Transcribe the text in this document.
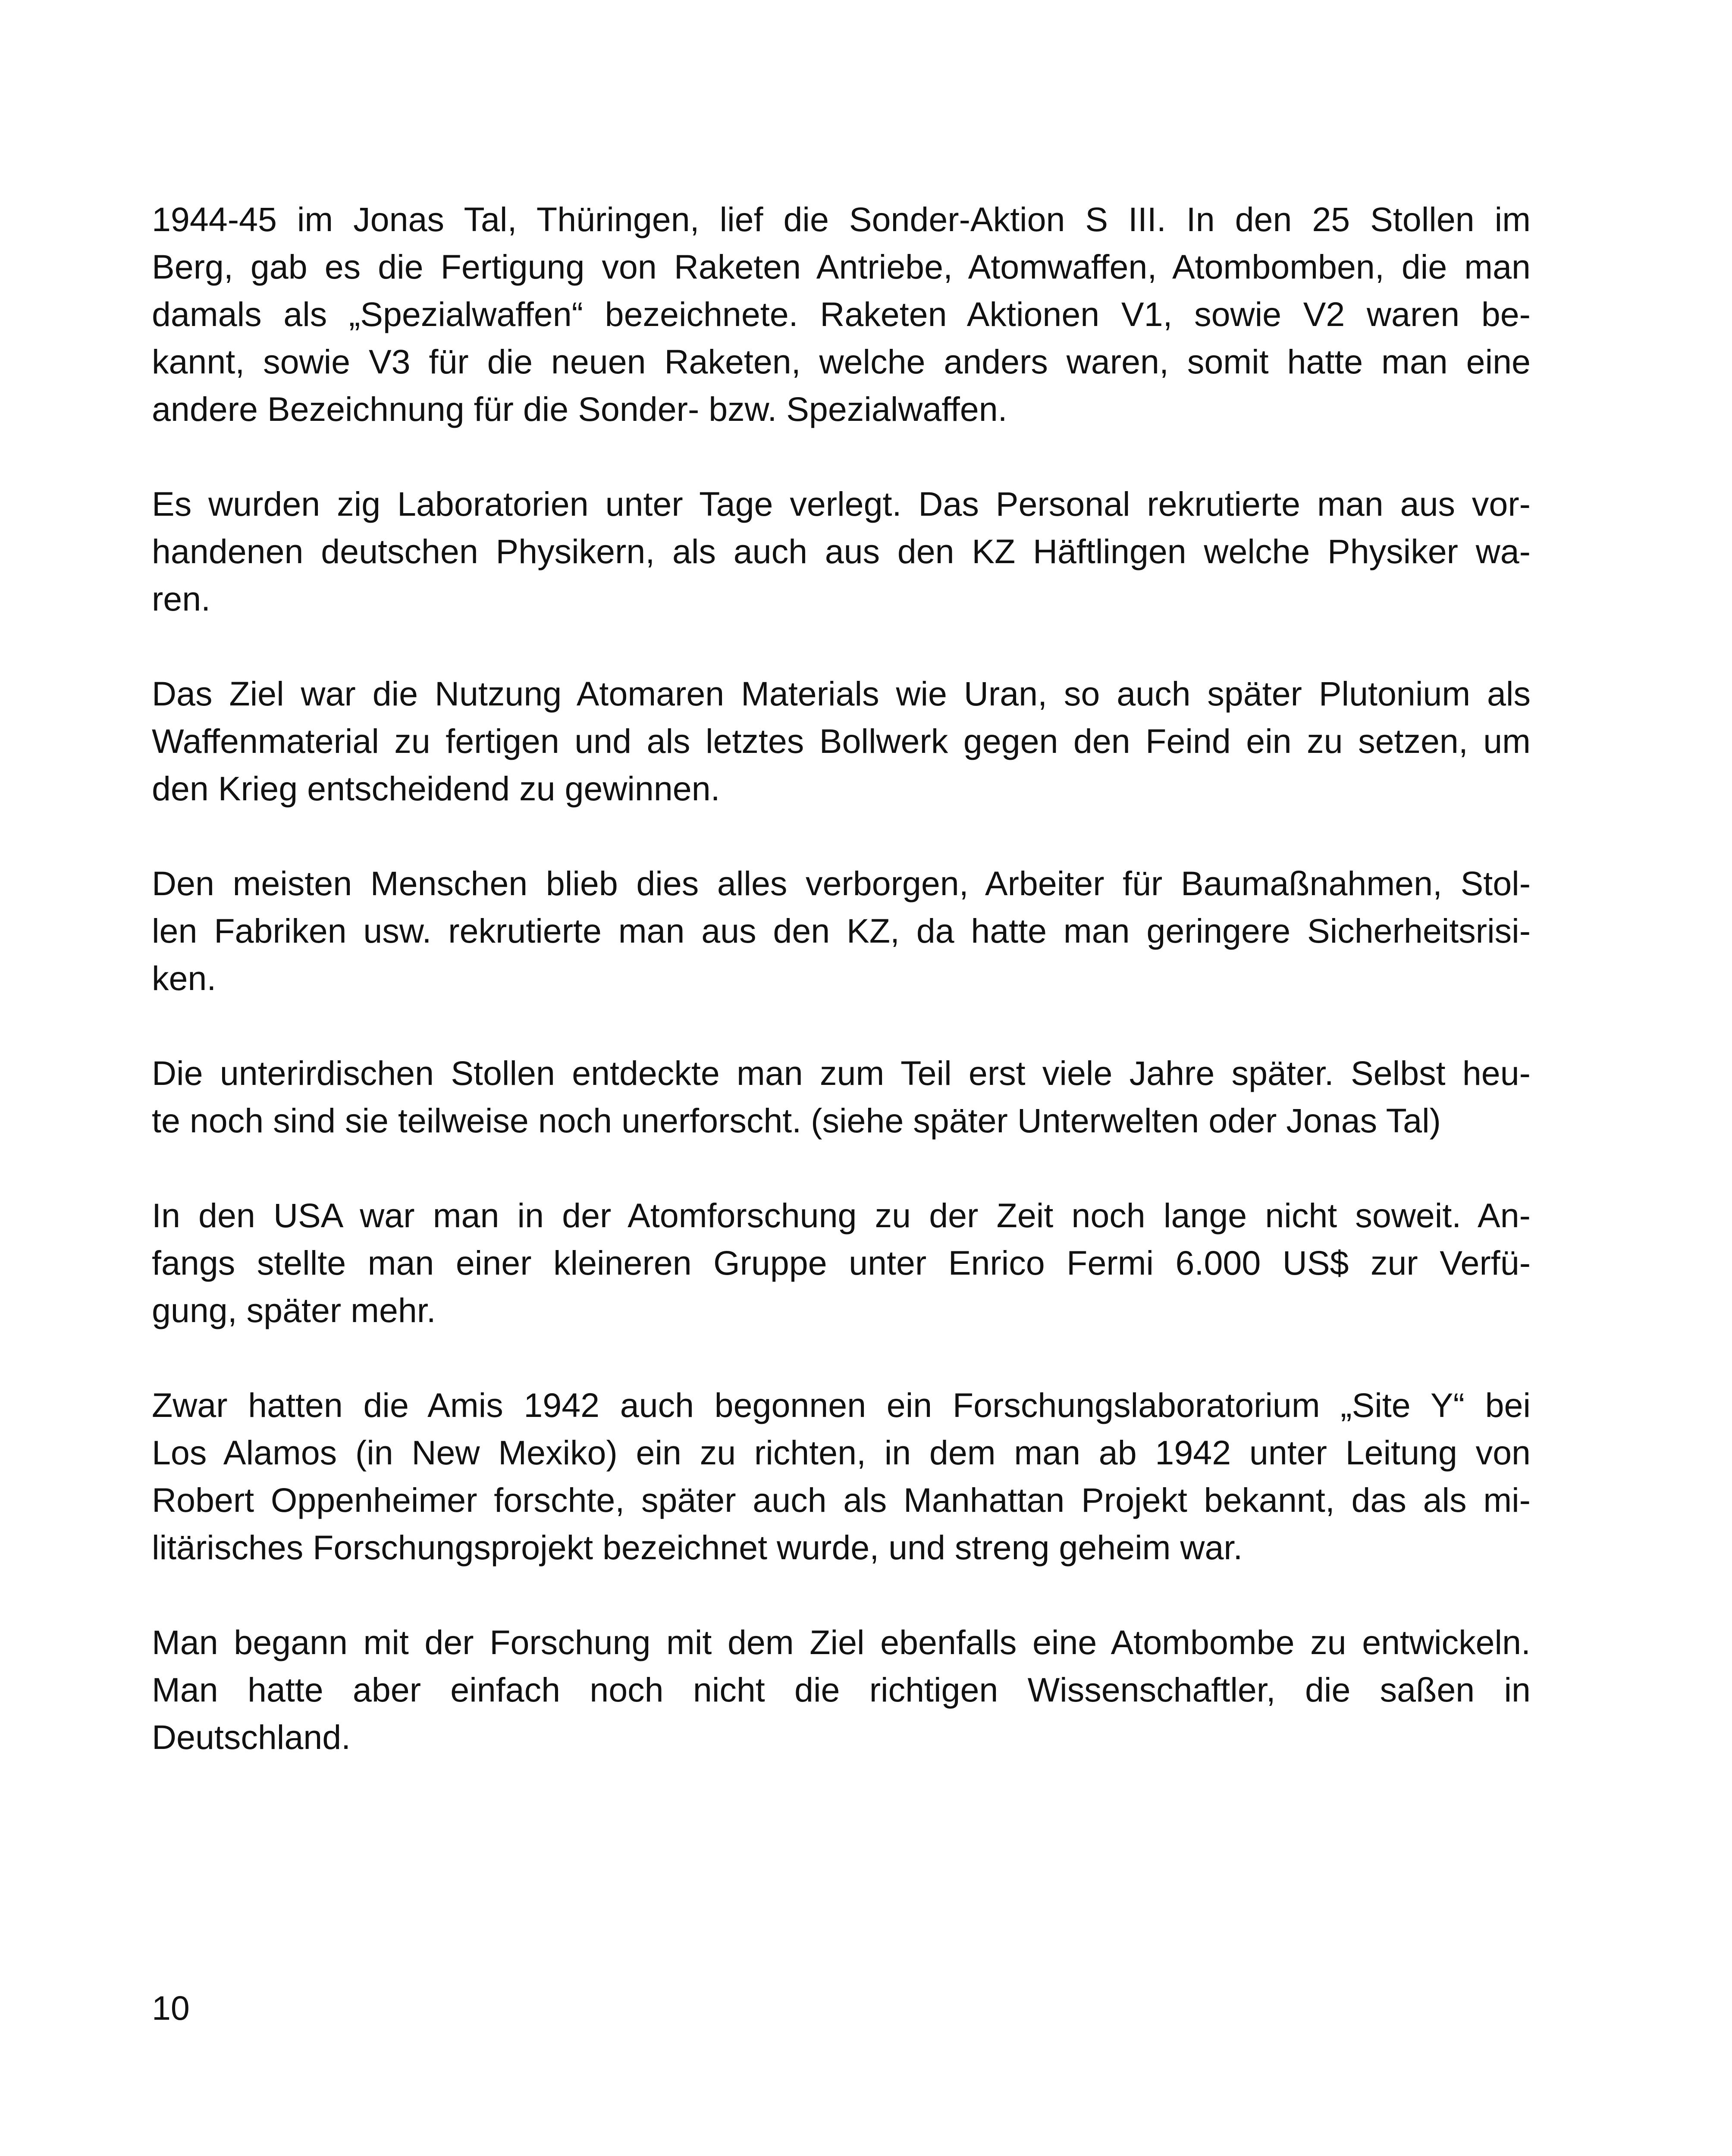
1944-45 im Jonas Tal, Thüringen, lief die Sonder-Aktion S III. In den 25 Stollen im
Berg, gab es die Fertigung von Raketen Antriebe, Atomwaffen, Atombomben, die man
damals als „Spezialwaffen“ bezeichnete. Raketen Aktionen V1, sowie V2 waren be-
kannt, sowie V3 für die neuen Raketen, welche anders waren, somit hatte man eine
andere Bezeichnung für die Sonder- bzw. Spezialwaffen.
Es wurden zig Laboratorien unter Tage verlegt. Das Personal rekrutierte man aus vor-
handenen deutschen Physikern, als auch aus den KZ Häftlingen welche Physiker wa-
ren.
Das Ziel war die Nutzung Atomaren Materials wie Uran, so auch später Plutonium als
Waffenmaterial zu fertigen und als letztes Bollwerk gegen den Feind ein zu setzen, um
den Krieg entscheidend zu gewinnen.
Den meisten Menschen blieb dies alles verborgen, Arbeiter für Baumaßnahmen, Stol-
len Fabriken usw. rekrutierte man aus den KZ, da hatte man geringere Sicherheitsrisi-
ken.
Die unterirdischen Stollen entdeckte man zum Teil erst viele Jahre später. Selbst heu-
te noch sind sie teilweise noch unerforscht. (siehe später Unterwelten oder Jonas Tal)
In den USA war man in der Atomforschung zu der Zeit noch lange nicht soweit. An-
fangs stellte man einer kleineren Gruppe unter Enrico Fermi 6.000 US$ zur Verfü-
gung, später mehr.
Zwar hatten die Amis 1942 auch begonnen ein Forschungslaboratorium „Site Y“ bei
Los Alamos (in New Mexiko) ein zu richten, in dem man ab 1942 unter Leitung von
Robert Oppenheimer forschte, später auch als Manhattan Projekt bekannt, das als mi-
litärisches Forschungsprojekt bezeichnet wurde, und streng geheim war.
Man begann mit der Forschung mit dem Ziel ebenfalls eine Atombombe zu entwickeln.
Man hatte aber einfach noch nicht die richtigen Wissenschaftler, die saßen in
Deutschland.
10
